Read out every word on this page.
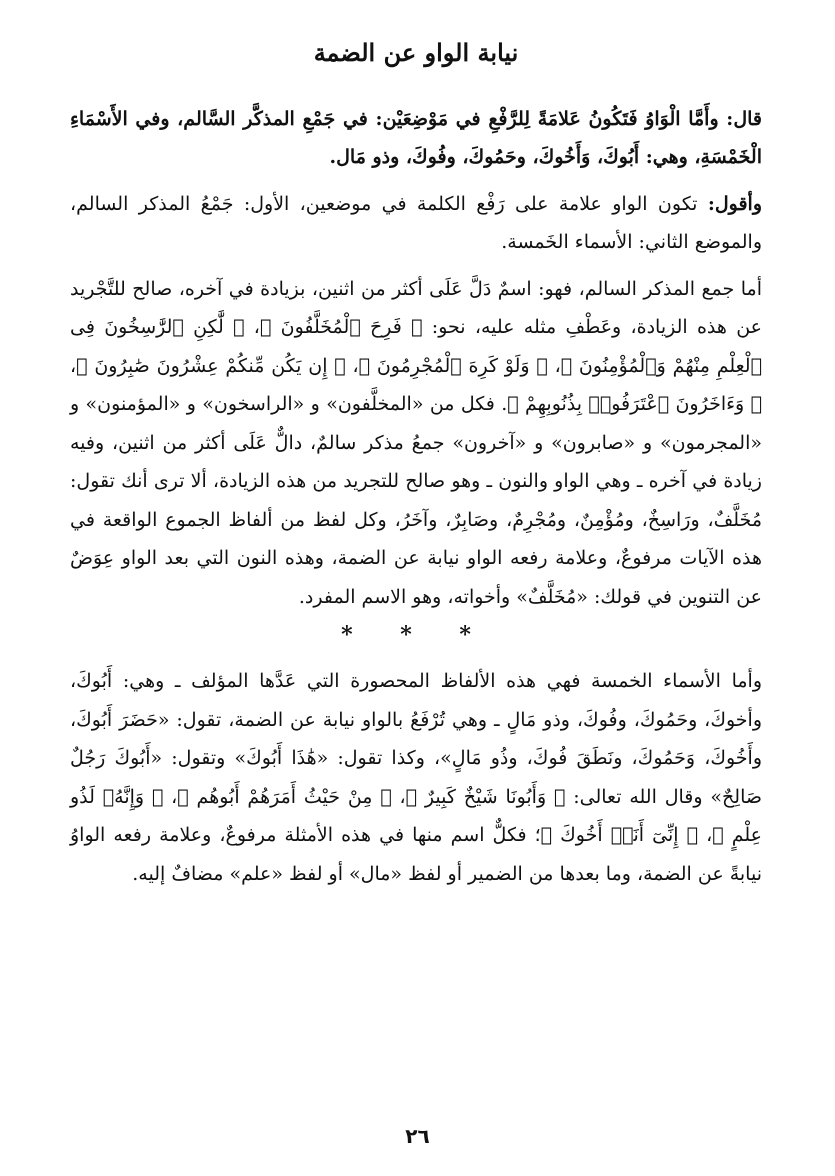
نيابة الواو عن الضمة

قال: وأَمَّا الْوَاوُ فَتَكُونُ عَلامَةً لِلرَّفْعِ في مَوْضِعَيْن: في جَمْعِ المذكَّر السَّالم، وفي الأَسْمَاءِ الْخَمْسَةِ، وهي: أَبُوكَ، وَأَخُوكَ، وحَمُوكَ، وفُوكَ، وذو مَال.

وأقول: تكون الواو علامة على رَفْع الكلمة في موضعين، الأول: جَمْعُ المذكر السالم، والموضع الثاني: الأسماء الخَمسة.

أما جمع المذكر السالم، فهو: اسمٌ دَلَّ عَلَى أكثر من اثنين، بزيادة في آخره، صالح للتَّجْريد عن هذه الزيادة، وعَطْفِ مثله عليه، نحو: ﴿ فَرِحَ ٱلْمُخَلَّفُونَ ﴾، ﴿ لَّٰكِنِ ٱلرَّٰسِخُونَ فِى ٱلْعِلْمِ مِنْهُمْ وَٱلْمُؤْمِنُونَ ﴾، ﴿ وَلَوْ كَرِهَ ٱلْمُجْرِمُونَ ﴾، ﴿ إِن يَكُن مِّنكُمْ عِشْرُونَ صَٰبِرُونَ ﴾، ﴿ وَءَاخَرُونَ ٱعْتَرَفُوا۟ بِذُنُوبِهِمْ ﴾. فكل من «المخلَّفون» و «الراسخون» و «المؤمنون» و «المجرمون» و «صابرون» و «آخرون» جمعُ مذكر سالمٌ، دالٌّ عَلَى أكثر من اثنين، وفيه زيادة في آخره ـ وهي الواو والنون ـ وهو صالح للتجريد من هذه الزيادة، ألا ترى أنك تقول: مُخَلَّفٌ، ورَاسِخٌ، ومُؤْمِنٌ، ومُجْرِمٌ، وصَابِرٌ، وآخَرُ، وكل لفظ من ألفاظ الجموع الواقعة في هذه الآيات مرفوعٌ، وعلامة رفعه الواو نيابة عن الضمة، وهذه النون التي بعد الواو عِوَضٌ عن التنوين في قولك: «مُخَلَّفٌ» وأخواته، وهو الاسم المفرد.

* * *

وأما الأسماء الخمسة فهي هذه الألفاظ المحصورة التي عَدَّها المؤلف ـ وهي: أَبُوكَ، وأخوكَ، وحَمُوكَ، وفُوكَ، وذو مَالٍ ـ وهي تُرْفَعُ بالواو نيابة عن الضمة، تقول: «حَضَرَ أَبُوكَ، وأَخُوكَ، وَحَمُوكَ، ونَطَقَ فُوكَ، وذُو مَالٍ»، وكذا تقول: «هَٰذَا أَبُوكَ» وتقول: «أَبُوكَ رَجُلٌ صَالِحٌ» وقال الله تعالى: ﴿ وَأَبُونَا شَيْخٌ كَبِيرٌ ﴾، ﴿ مِنْ حَيْثُ أَمَرَهُمْ أَبُوهُم ﴾، ﴿ وَإِنَّهُۥ لَذُو عِلْمٍ ﴾، ﴿ إِنِّىٓ أَنَا۠ أَخُوكَ ﴾؛ فكلٌّ اسم منها في هذه الأمثلة مرفوعٌ، وعلامة رفعه الواوُ نيابةً عن الضمة، وما بعدها من الضمير أو لفظ «مال» أو لفظ «علم» مضافٌ إليه.

٢٦
